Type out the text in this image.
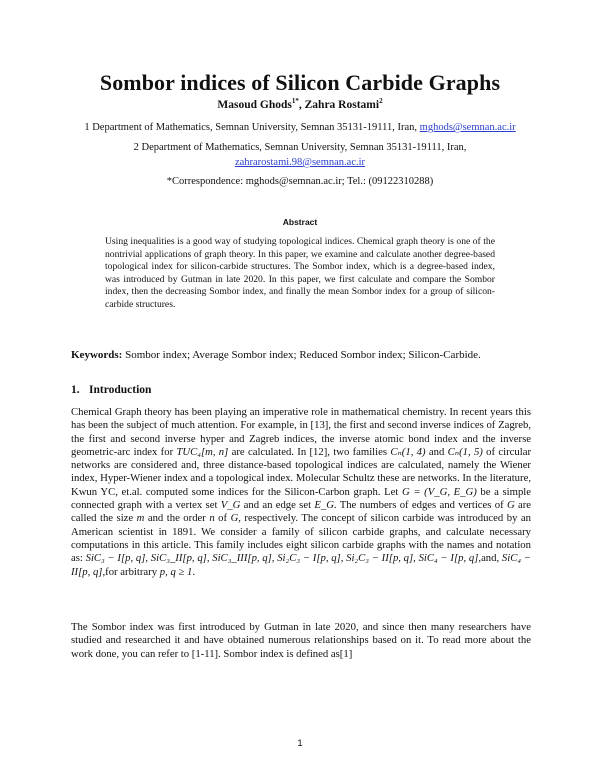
Sombor indices of Silicon Carbide Graphs
Masoud Ghods$^{1*}$, Zahra Rostami$^2$
1 Department of Mathematics, Semnan University, Semnan 35131-19111, Iran, mghods@semnan.ac.ir
2 Department of Mathematics, Semnan University, Semnan 35131-19111, Iran,
zahrarostami.98@semnan.ac.ir
*Correspondence: mghods@semnan.ac.ir; Tel.: (09122310288)
Abstract
Using inequalities is a good way of studying topological indices. Chemical graph theory is one of the nontrivial applications of graph theory. In this paper, we examine and calculate another degree-based topological index for silicon-carbide structures. The Sombor index, which is a degree-based index, was introduced by Gutman in late 2020. In this paper, we first calculate and compare the Sombor index, then the decreasing Sombor index, and finally the mean Sombor index for a group of silicon-carbide structures.
Keywords: Sombor index; Average Sombor index; Reduced Sombor index; Silicon-Carbide.
1. Introduction
Chemical Graph theory has been playing an imperative role in mathematical chemistry. In recent years this has been the subject of much attention. For example, in [13], the first and second inverse indices of Zagreb, the first and second inverse hyper and Zagreb indices, the inverse atomic bond index and the inverse geometric-arc index for TUC₄[m, n] are calculated. In [12], two families Cₙ(1, 4) and Cₙ(1, 5) of circular networks are considered and, three distance-based topological indices are calculated, namely the Wiener index, Hyper-Wiener index and a topological index. Molecular Schultz these are networks. In the literature, Kwun YC, et.al. computed some indices for the Silicon-Carbon graph. Let G = (V_G, E_G) be a simple connected graph with a vertex set V_G and an edge set E_G. The numbers of edges and vertices of G are called the size m and the order n of G, respectively. The concept of silicon carbide was introduced by an American scientist in 1891. We consider a family of silicon carbide graphs, and calculate necessary computations in this article. This family includes eight silicon carbide graphs with the names and notation as: SiC₃ − I[p, q], SiC₃_II[p, q], SiC₃_III[p, q], Si₂C₃ − I[p, q], Si₂C₃ − II[p, q], SiC₄ − I[p, q],and, SiC₄ − II[p, q],for arbitrary p, q ≥ 1.
The Sombor index was first introduced by Gutman in late 2020, and since then many researchers have studied and researched it and have obtained numerous relationships based on it. To read more about the work done, you can refer to [1-11]. Sombor index is defined as[1]
1
